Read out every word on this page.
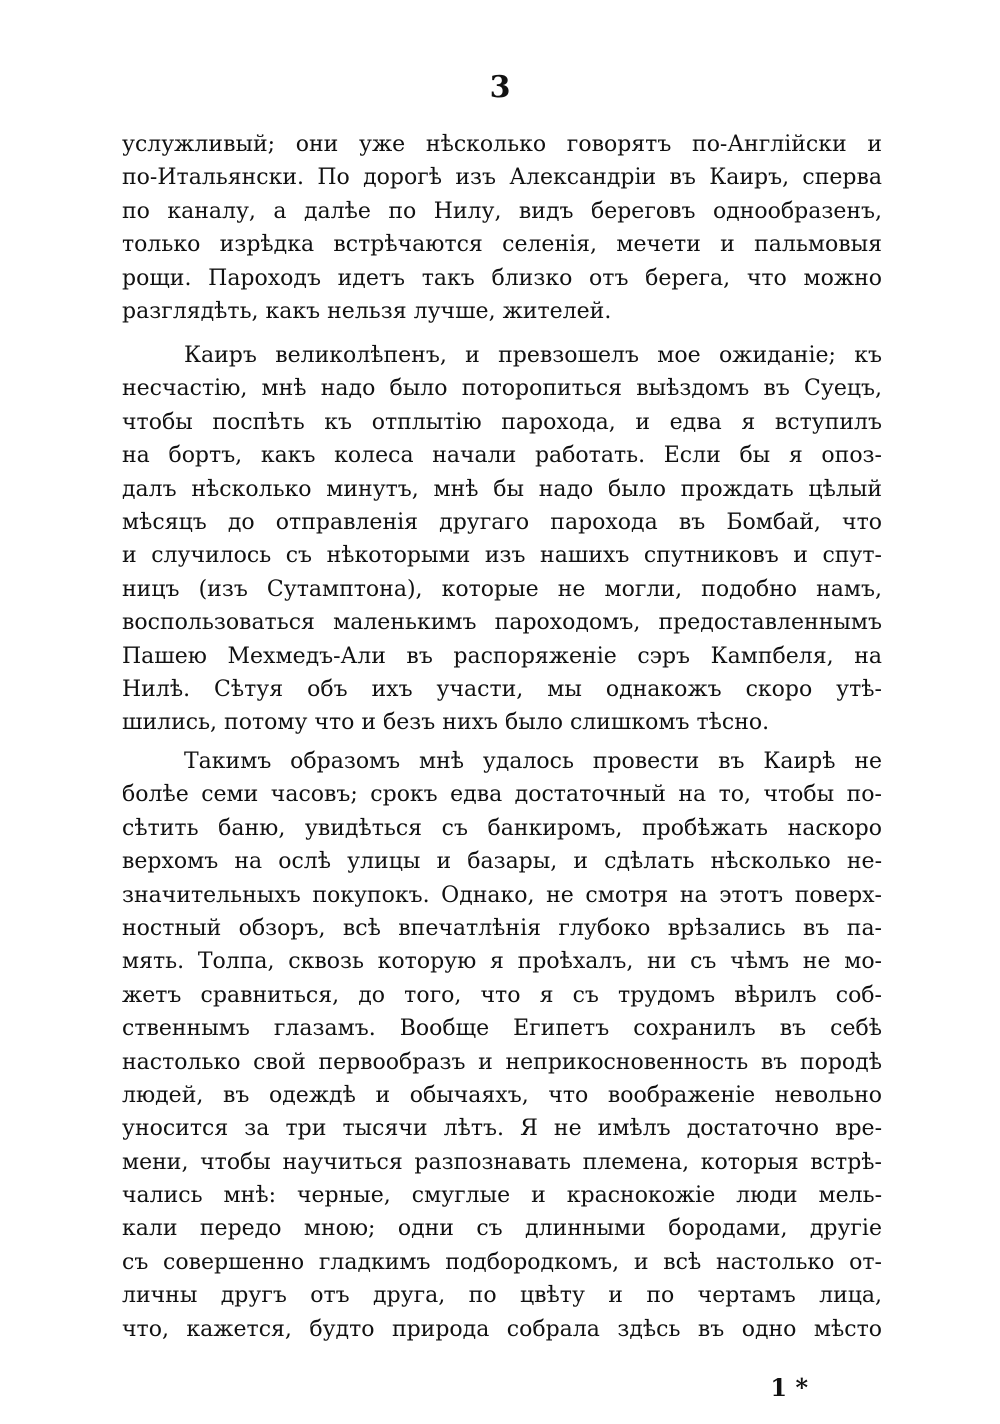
3
услужливый; они уже нѣсколько говорятъ по-Англійски и
по-Итальянски. По дорогѣ изъ Александріи въ Каиръ, сперва
по каналу, а далѣе по Нилу, видъ береговъ однообразенъ,
только изрѣдка встрѣчаются селенія, мечети и пальмовыя
рощи. Пароходъ идетъ такъ близко отъ берега, что можно
разглядѣть, какъ нельзя лучше, жителей.
Каиръ великолѣпенъ, и превзошелъ мое ожиданіе; къ
несчастію, мнѣ надо было поторопиться выѣздомъ въ Суецъ,
чтобы поспѣть къ отплытію парохода, и едва я вступилъ
на бортъ, какъ колеса начали работать. Если бы я опоз-
далъ нѣсколько минутъ, мнѣ бы надо было прождать цѣлый
мѣсяцъ до отправленія другаго парохода въ Бомбай, что
и случилось съ нѣкоторыми изъ нашихъ спутниковъ и спут-
ницъ (изъ Сутамптона), которые не могли, подобно намъ,
воспользоваться маленькимъ пароходомъ, предоставленнымъ
Пашею Мехмедъ-Али въ распоряженіе сэръ Кампбеля, на
Нилѣ. Сѣтуя объ ихъ участи, мы однакожъ скоро утѣ-
шились, потому что и безъ нихъ было слишкомъ тѣсно.
Такимъ образомъ мнѣ удалось провести въ Каирѣ не
болѣе семи часовъ; срокъ едва достаточный на то, чтобы по-
сѣтить баню, увидѣться съ банкиромъ, пробѣжать наскоро
верхомъ на ослѣ улицы и базары, и сдѣлать нѣсколько не-
значительныхъ покупокъ. Однако, не смотря на этотъ поверх-
ностный обзоръ, всѣ впечатлѣнія глубоко врѣзались въ па-
мять. Толпа, сквозь которую я проѣхалъ, ни съ чѣмъ не мо-
жетъ сравниться, до того, что я съ трудомъ вѣрилъ соб-
ственнымъ глазамъ. Вообще Египетъ сохранилъ въ себѣ
настолько свой первообразъ и неприкосновенность въ породѣ
людей, въ одеждѣ и обычаяхъ, что воображеніе невольно
уносится за три тысячи лѣтъ. Я не имѣлъ достаточно вре-
мени, чтобы научиться разпознавать племена, которыя встрѣ-
чались мнѣ: черные, смуглые и краснокожіе люди мель-
кали передо мною; одни съ длинными бородами, другіе
съ совершенно гладкимъ подбородкомъ, и всѣ настолько от-
личны другъ отъ друга, по цвѣту и по чертамъ лица,
что, кажется, будто природа собрала здѣсь въ одно мѣсто
1 *
